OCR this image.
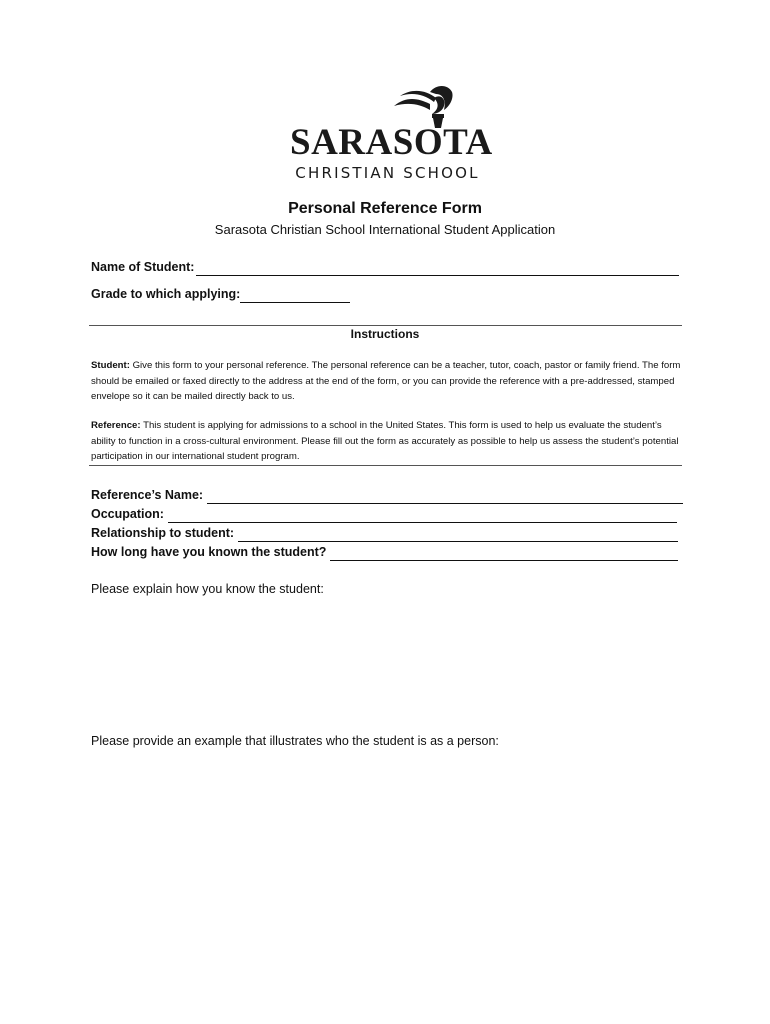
SARASOTA
CHRISTIAN SCHOOL
Personal Reference Form
Sarasota Christian School International Student Application
Name of Student:
Grade to which applying:
Instructions

Student: Give this form to your personal reference. The personal reference can be a teacher, tutor, coach, pastor or family friend. The form should be emailed or faxed directly to the address at the end of the form, or you can provide the reference with a pre-addressed, stamped envelope so it can be mailed directly back to us.

Reference: This student is applying for admissions to a school in the United States. This form is used to help us evaluate the student’s ability to function in a cross-cultural environment. Please fill out the form as accurately as possible to help us assess the student’s potential participation in our international student program.

Reference’s Name:
Occupation:
Relationship to student:
How long have you known the student?
Please explain how you know the student:
Please provide an example that illustrates who the student is as a person:
